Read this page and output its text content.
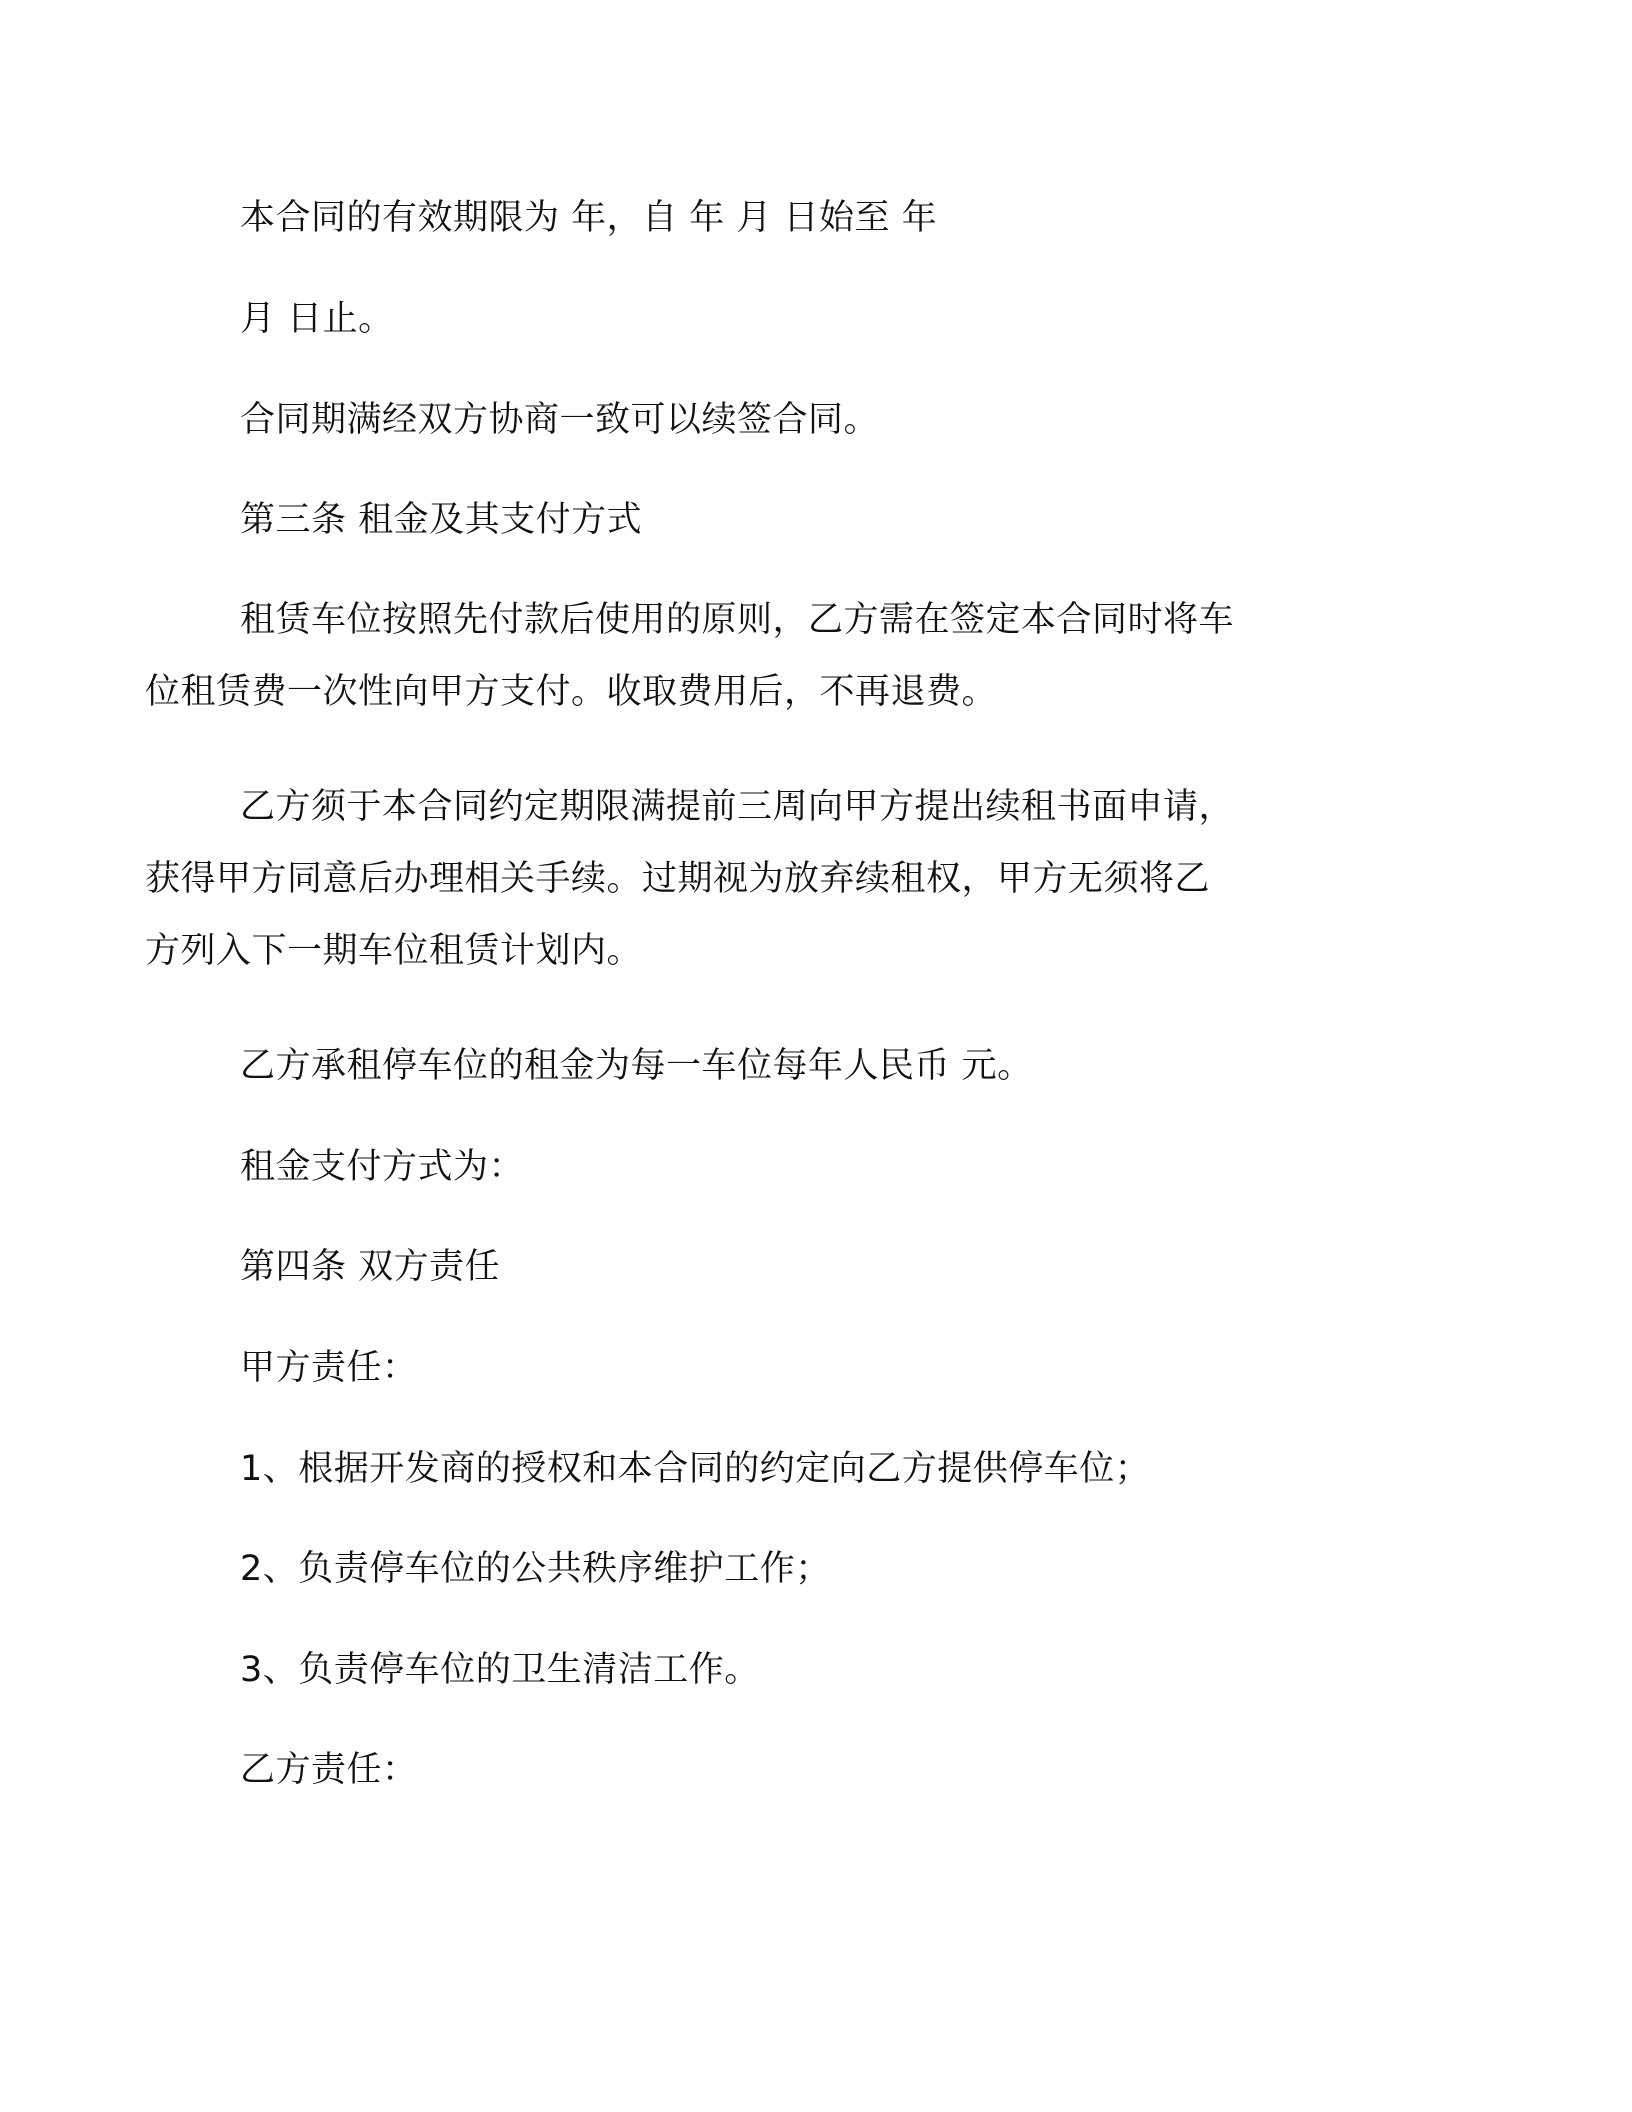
本合同的有效期限为 年，自 年 月 日始至 年

月 日止。

合同期满经双方协商一致可以续签合同。

第三条 租金及其支付方式

租赁车位按照先付款后使用的原则，乙方需在签定本合同时将车
位租赁费一次性向甲方支付。收取费用后，不再退费。

乙方须于本合同约定期限满提前三周向甲方提出续租书面申请，
获得甲方同意后办理相关手续。过期视为放弃续租权，甲方无须将乙
方列入下一期车位租赁计划内。

乙方承租停车位的租金为每一车位每年人民币 元。

租金支付方式为：

第四条 双方责任

甲方责任：

1、根据开发商的授权和本合同的约定向乙方提供停车位；

2、负责停车位的公共秩序维护工作；

3、负责停车位的卫生清洁工作。

乙方责任：
